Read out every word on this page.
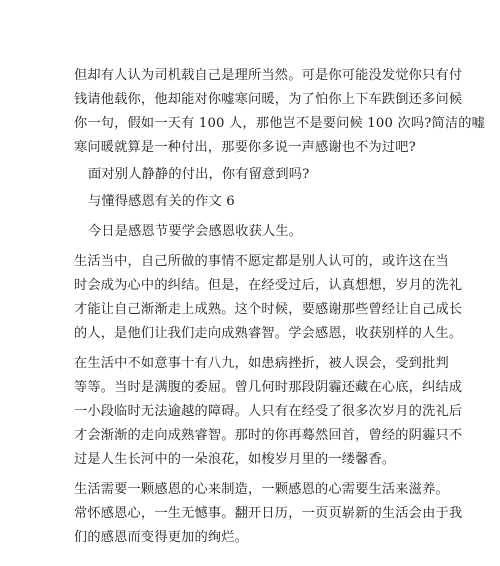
但却有人认为司机载自己是理所当然。可是你可能没发觉你只有付
钱请他载你，他却能对你嘘寒问暖，为了怕你上下车跌倒还多问候
你一句，假如一天有 100 人，那他岂不是要问候 100 次吗?简洁的嘘
寒问暖就算是一种付出，那要你多说一声感谢也不为过吧?
面对别人静静的付出，你有留意到吗?
与懂得感恩有关的作文 6
今日是感恩节要学会感恩收获人生。
生活当中，自己所做的事情不愿定都是别人认可的，或许这在当
时会成为心中的纠结。但是，在经受过后，认真想想，岁月的洗礼
才能让自己渐渐走上成熟。这个时候，要感谢那些曾经让自己成长
的人，是他们让我们走向成熟睿智。学会感恩，收获别样的人生。
在生活中不如意事十有八九，如患病挫折，被人误会，受到批判
等等。当时是满腹的委屈。曾几何时那段阴霾还藏在心底，纠结成
一小段临时无法逾越的障碍。人只有在经受了很多次岁月的洗礼后
才会渐渐的走向成熟睿智。那时的你再蓦然回首，曾经的阴霾只不
过是人生长河中的一朵浪花，如梭岁月里的一缕馨香。
生活需要一颗感恩的心来制造，一颗感恩的心需要生活来滋养。
常怀感恩心，一生无憾事。翻开日历，一页页崭新的生活会由于我
们的感恩而变得更加的绚烂。
